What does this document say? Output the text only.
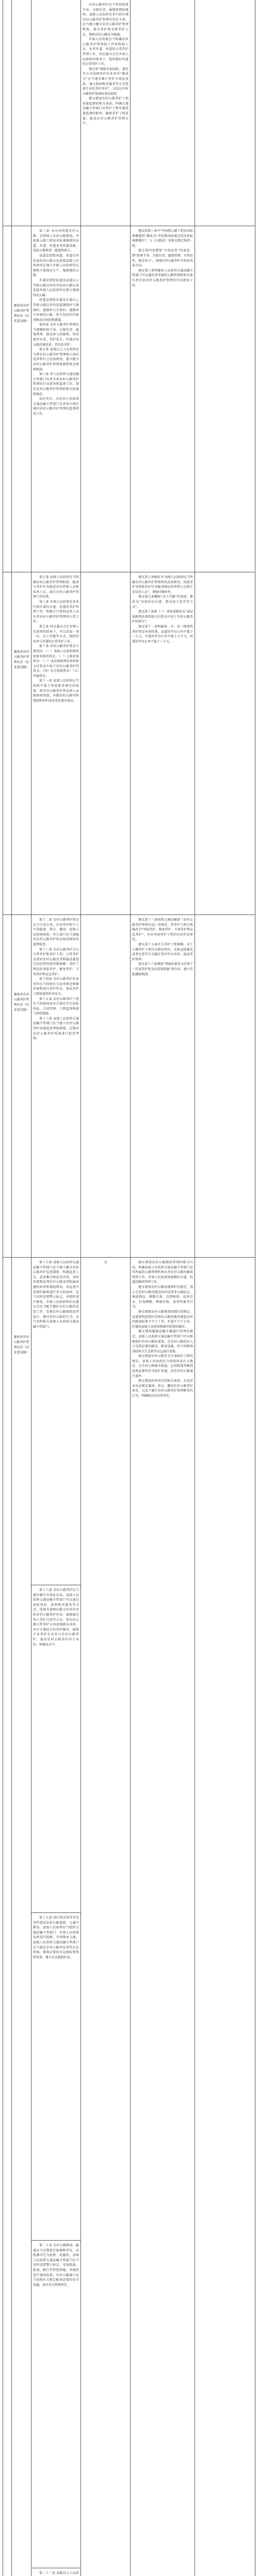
农村公路养护应当坚持政府主导、分级负责、属地管理的原则，县级人民政府是本行政区域农村公路养护管理的责任主体，应当建立健全农村公路养护管理机构，落实养护资金和养护人员，保障农村公路安全畅通。

乡镇人民政府应当明确农村公路养护管理的工作机构和人员，负责乡道、村道的日常养护管理工作，村民委员会在乡镇人民政府的指导下，组织做好村道的日常养护工作。

建议将“鼓励采取招标、委托等方式选择养护作业单位”修改为“应当逐步推行养护市场化改革，通过政府购买服务等方式选择专业化养护单位”，以适应农村公路养护体制改革的需要。

建议增加农村公路养护工程质量监督的相关条款，明确交通运输主管部门对养护工程实施质量监督的职责，确保养护工程质量，提高农村公路养护管理水平。

湖南省农村公路养护管理办法（征求意见稿）

第三条 本办法所称农村公路，是指纳入农村公路规划，并按照公路工程技术标准修建的县道、乡道、村道及其所属设施，包括公路桥梁、隧道和渡口。

县道是指除国道、省道以外的县际间公路以及连接县级人民政府所在地与乡级人民政府所在地和主要商品生产、集散地的公路。

乡道是指除县道及县道以上等级公路以外的乡际间公路以及连接乡级人民政府所在地与建制村的公路。

村道是指除乡道及乡道以上等级公路以外的连接建制村与建制村、建制村与自然村、建制村与外部的公路，但不包括村内街巷和农田间的机耕道。

第四条 农村公路养护管理应当遵循政府主导、分级负责、属地管理、群众参与的原则，坚持建养并重、养护优先，实现农村公路的规范化、常态化养护。

第五条 县级以上人民政府应当将农村公路养护管理纳入国民经济和社会发展规划，建立健全农村公路养护管理体制和资金保障机制。

第六条 省人民政府交通运输主管部门负责全省农村公路养护管理的行业指导和监督工作，制定农村公路养护管理的相关标准和规范。

设区的市、自治州人民政府交通运输主管部门负责本行政区域内农村公路养护管理的监督指导工作。

建议将第三条中“并按照公路工程技术标准修建的”修改为“并按照国家规定的技术标准修建的”，与《公路法》及相关规定保持一致。

建议第四条增加“市场运作”的表述，即“政府主导、分级负责、属地管理、市场运作、群众参与”，体现农村公路养护市场化改革方向。

建议第六条明确省人民政府交通运输主管部门可以委托其所属的公路管理机构具体负责全省农村公路养护管理的行业指导工作。

湖南省农村公路养护管理办法（征求意见稿）

第七条 县级人民政府应当明确农村公路养护管理机构，配备与养护任务相适应的管理人员和技术人员，落实农村公路养护管理工作经费。

第八条 乡镇人民政府负责本行政区域内乡道、村道的养护管理工作，明确专门机构或者人员负责农村公路养护管理的日常工作。

第九条 村民委员会在乡镇人民政府的指导下，可以采取一事一议、以工代赈等方式，组织村民参与村道的日常养护工作。

第十条 农村公路养护资金主要包括：（一）各级人民政府财政预算安排的资金；（二）上级补助资金；（三）成品油税费改革转移支付资金中用于农村公路养护的资金；（四）社会捐助资金；（五）其他资金。

第十一条 县级人民政府应当按照不低于国家和省规定的标准，将农村公路养护资金纳入本级财政预算，并随农村公路里程增加和养护成本变化逐步提高。

建议第七条修改为“县级人民政府应当明确农村公路养护管理机构及其职责，按照养护里程和养护任务配备相应的管理人员和专业技术人员”，增强可操作性。

建议第九条删除“以工代赈”的表述，修改为“采取村民自建、群众投工投劳等方式”。

建议第十条第（三）项表述修改为“成品油税费改革转移支付资金中用于农村公路养护的部分”。

建议第十一条明确省、市、县三级财政养护资金补助标准，县道每年每公里不低于一万元，乡道每年每公里不低于五千元，村道每年每公里不低于三千元。

湖南省农村公路养护管理办法（征求意见稿）

第十二条 农村公路养护资金应当专款专用，任何单位和个人不得截留、挤占、挪用，县级人民政府财政、审计部门应当加强对农村公路养护资金使用情况的监督检查。

第十三条 农村公路养护分为日常养护和养护工程。日常养护是指对农村公路及其附属设施进行的经常性保养和维修；养护工程包括预防养护、修复养护、专项养护和应急养护。

第十四条 农村公路养护作业单位应当按照有关技术规范和操作规程进行养护作业，保证养护工程质量和作业安全。

第十五条 农村公路养护工程应当按照国家有关规定实行招标投标、合同管理、工程监理和竣工验收制度。

第十六条 县级人民政府交通运输主管部门应当建立农村公路养护质量检查考核制度，定期对农村公路养护质量进行检查考核。

建议第十三条按照交通运输部《农村公路养护管理办法》的规定，将养护工程分类修改为“预防养护、修复养护、专项养护和应急养护”，并对各类养护工程的内容作出界定。

建议第十五条区分养护工程规模，对于小额养护工程可以简化程序，采取直接委托或者比选等方式确定养护作业单位，提高养护效率。

建议第十六条增加“考核结果作为安排下一年度养护资金的重要依据”的内容，建立奖惩激励机制。

湖南省农村公路养护管理办法（征求意见稿）
第十七条 县级人民政府交通运输主管部门应当建立健全农村公路养护巡查制度，明确巡查人员、巡查频次和巡查内容，及时发现和处理农村公路及其附属设施的病害和损毁情况。对巡查中发现的影响通行安全的病害，应当及时设置警示标志，并组织进行修复。乡镇人民政府和村民委员会应当配合做好农村公路的巡查工作，发现农村公路损毁或者侵占、破坏农村公路的行为，应当及时报告县级人民政府交通运输主管部门。
第十八条 农村公路养护应当逐步推行市场化改革，县级人民政府交通运输主管部门可以通过招标投标、政府购买服务等方式，选择具备相应能力的单位承担农村公路养护作业。鼓励通过签订养护合同等方式，将农村公路日常养护交由沿线群众承担，实行专兼结合的养护模式。鼓励专业养护企业参与农村公路养护，提高农村公路养护的专业化、机械化水平。
第十九条 因自然灾害等突发事件造成农村公路损毁、交通中断的，县级人民政府应当组织交通运输主管部门、乡镇人民政府及时进行抢修，尽快恢复交通。县级人民政府交通运输主管部门应当制定农村公路突发事件应急预案，储备必要的应急抢险物资和设备，建立应急抢险队伍。
第二十条 农村公路桥梁、隧道应当定期进行检测和评定，对检测评定为危桥、危隧的，县级人民政府交通运输主管部门应当及时设置警示标志，采取限载、限速、限行等管控措施，并组织进行加固改造。农村公路渡口应当按照有关规定配备必要的安全设施，落实安全管理责任。
第二十一条 县级以上人民政
无	建议增加农村公路路政管理的相关内容，明确县级人民政府交通运输主管部门及其所属的公路管理机构负责农村公路的路政管理工作，乡镇人民政府协助做好乡道、村道的路政管理工作。

建议增加农村公路用地保护的规定，禁止在农村公路用地范围内设置非公路标志、堆放物品、倾倒垃圾、设置障碍、挖沟引水、打场晒粮、种植作物、放养牲畜等行为。

建议增加农村公路建筑控制区的规定，县道建筑控制区范围从公路用地外缘起向外的距离标准不少于十米，乡道不少于五米，村道由县级人民政府根据实际情况确定。

建议增加超限运输车辆通行管理的规定，县级人民政府交通运输主管部门可以根据保护农村公路的需要，在农村公路的出入口设置必要的限高、限宽设施，但不得影响消防和卫生急救等应急通行需要。

建议增加农村公路安全生命防护工程的规定，县级人民政府应当按照国家有关规定，在农村公路临水临崖、急弯陡坡等路段设置必要的安全防护设施，改善农村公路通行条件。

建议增加法律责任的相关条款，对违反本办法规定截留、挤占、挪用农村公路养护资金，以及不履行农村公路养护管理职责的行为，明确相应的法律责任。
